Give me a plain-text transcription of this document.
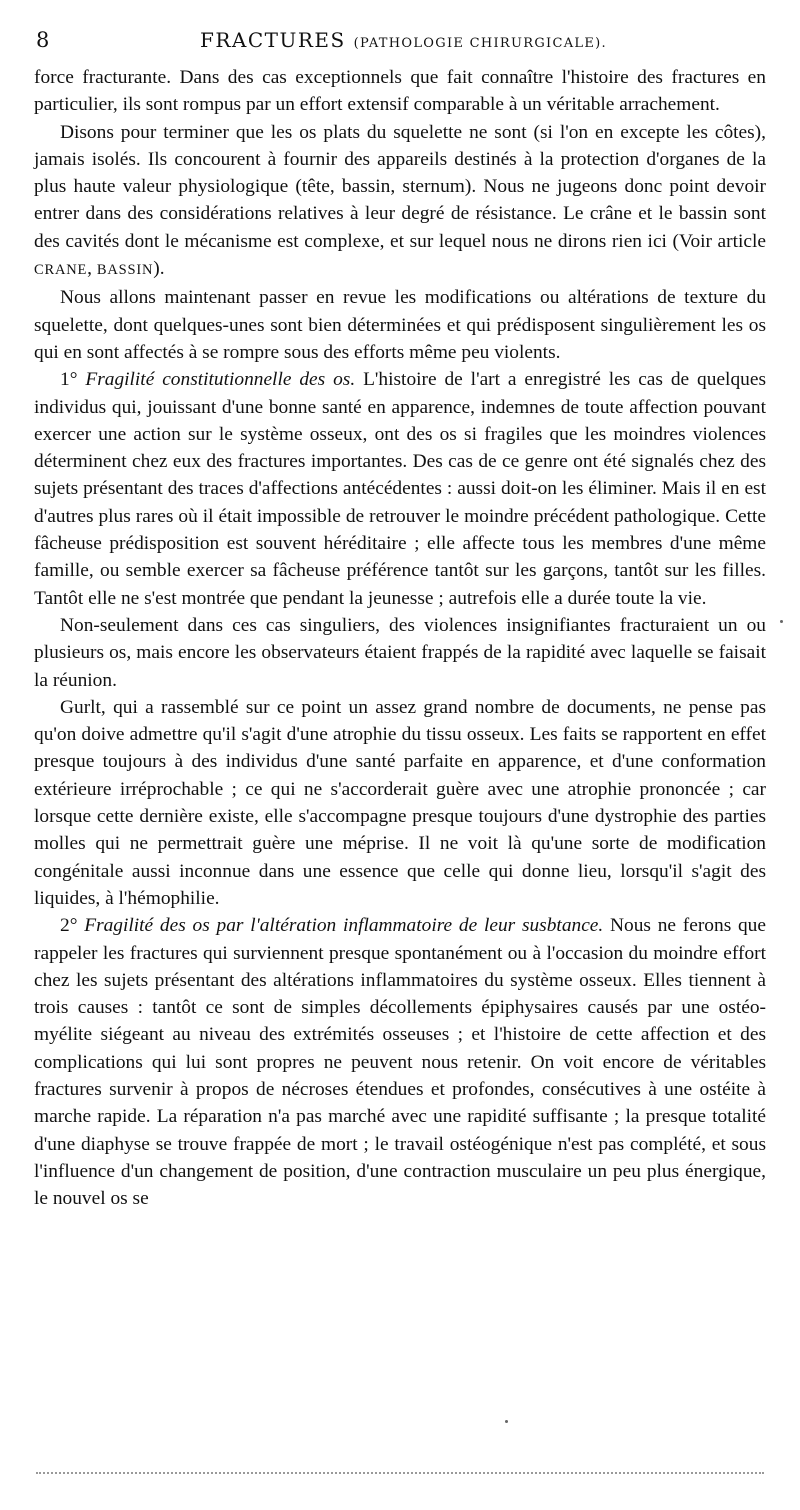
8	FRACTURES (PATHOLOGIE CHIRURGICALE).

force fracturante. Dans des cas exceptionnels que fait connaître l'histoire des fractures en particulier, ils sont rompus par un effort extensif comparable à un véritable arrachement.

Disons pour terminer que les os plats du squelette ne sont (si l'on en excepte les côtes), jamais isolés. Ils concourent à fournir des appareils destinés à la protection d'organes de la plus haute valeur physiologique (tête, bassin, sternum). Nous ne jugeons donc point devoir entrer dans des considérations relatives à leur degré de résistance. Le crâne et le bassin sont des cavités dont le mécanisme est complexe, et sur lequel nous ne dirons rien ici (Voir article CRANE, BASSIN).

Nous allons maintenant passer en revue les modifications ou altérations de texture du squelette, dont quelques-unes sont bien déterminées et qui prédisposent singulièrement les os qui en sont affectés à se rompre sous des efforts même peu violents.

1° Fragilité constitutionnelle des os. L'histoire de l'art a enregistré les cas de quelques individus qui, jouissant d'une bonne santé en apparence, indemnes de toute affection pouvant exercer une action sur le système osseux, ont des os si fragiles que les moindres violences déterminent chez eux des fractures importantes. Des cas de ce genre ont été signalés chez des sujets présentant des traces d'affections antécédentes : aussi doit-on les éliminer. Mais il en est d'autres plus rares où il était impossible de retrouver le moindre précédent pathologique. Cette fâcheuse prédisposition est souvent héréditaire ; elle affecte tous les membres d'une même famille, ou semble exercer sa fâcheuse préférence tantôt sur les garçons, tantôt sur les filles. Tantôt elle ne s'est montrée que pendant la jeunesse ; autrefois elle a durée toute la vie.

Non-seulement dans ces cas singuliers, des violences insignifiantes fracturaient un ou plusieurs os, mais encore les observateurs étaient frappés de la rapidité avec laquelle se faisait la réunion.

Gurlt, qui a rassemblé sur ce point un assez grand nombre de documents, ne pense pas qu'on doive admettre qu'il s'agit d'une atrophie du tissu osseux. Les faits se rapportent en effet presque toujours à des individus d'une santé parfaite en apparence, et d'une conformation extérieure irréprochable ; ce qui ne s'accorderait guère avec une atrophie prononcée ; car lorsque cette dernière existe, elle s'accompagne presque toujours d'une dystrophie des parties molles qui ne permettrait guère une méprise. Il ne voit là qu'une sorte de modification congénitale aussi inconnue dans une essence que celle qui donne lieu, lorsqu'il s'agit des liquides, à l'hémophilie.

2° Fragilité des os par l'altération inflammatoire de leur susbtance. Nous ne ferons que rappeler les fractures qui surviennent presque spontanément ou à l'occasion du moindre effort chez les sujets présentant des altérations inflammatoires du système osseux. Elles tiennent à trois causes : tantôt ce sont de simples décollements épiphysaires causés par une ostéo-myélite siégeant au niveau des extrémités osseuses ; et l'histoire de cette affection et des complications qui lui sont propres ne peuvent nous retenir. On voit encore de véritables fractures survenir à propos de nécroses étendues et profondes, consécutives à une ostéite à marche rapide. La réparation n'a pas marché avec une rapidité suffisante ; la presque totalité d'une diaphyse se trouve frappée de mort ; le travail ostéogénique n'est pas complété, et sous l'influence d'un changement de position, d'une contraction musculaire un peu plus énergique, le nouvel os se
